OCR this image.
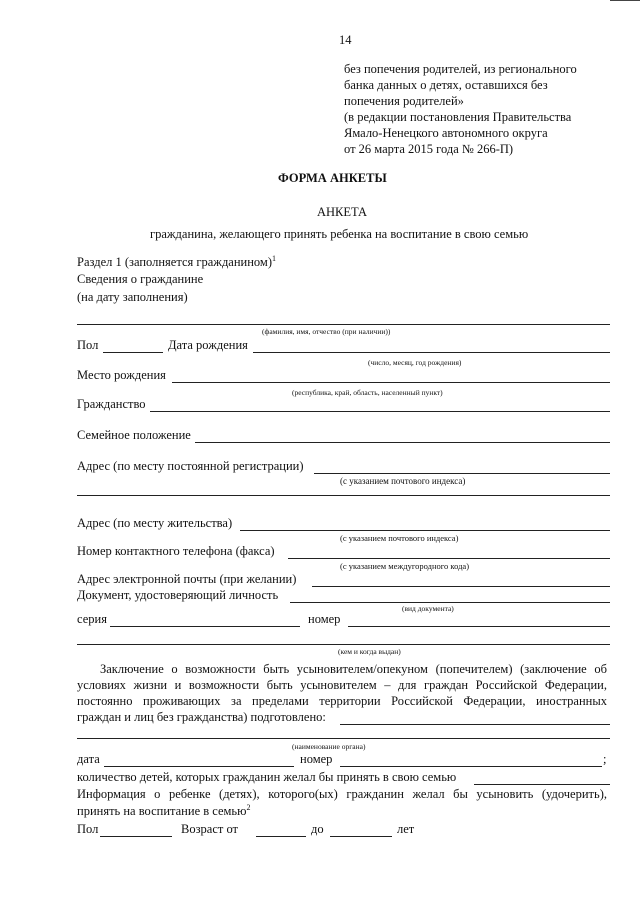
14
без попечения родителей, из регионального
банка данных о детях, оставшихся без
попечения родителей»
(в редакции постановления Правительства
Ямало-Ненецкого автономного округа
от 26 марта 2015 года № 266-П)
ФОРМА АНКЕТЫ
АНКЕТА
гражданина, желающего принять ребенка на воспитание в свою семью
Раздел 1 (заполняется гражданином)$^1$
Сведения о гражданине
(на дату заполнения)
(фамилия, имя, отчество (при наличии))
Пол	Дата рождения
(число, месяц, год рождения)
Место рождения
(республика, край, область, населенный пункт)
Гражданство
Семейное положение
Адрес (по месту постоянной регистрации)
(с указанием почтового индекса)
Адрес (по месту жительства)
(с указанием почтового индекса)
Номер контактного телефона (факса)
(с указанием междугородного кода)
Адрес электронной почты (при желании)
Документ, удостоверяющий личность
(вид документа)
серия	номер
(кем и когда выдан)
Заключение о возможности быть усыновителем/опекуном (попечителем) (заключение об
условиях жизни и возможности быть усыновителем – для граждан Российской Федерации,
постоянно проживающих за пределами территории Российской Федерации, иностранных
граждан и лиц без гражданства) подготовлено:
(наименование органа)
дата	номер	;
количество детей, которых гражданин желал бы принять в свою семью
Информация о ребенке (детях), которого(ых) гражданин желал бы усыновить (удочерить),
принять на воспитание в семью$^2$
Пол	Возраст от	до	лет
